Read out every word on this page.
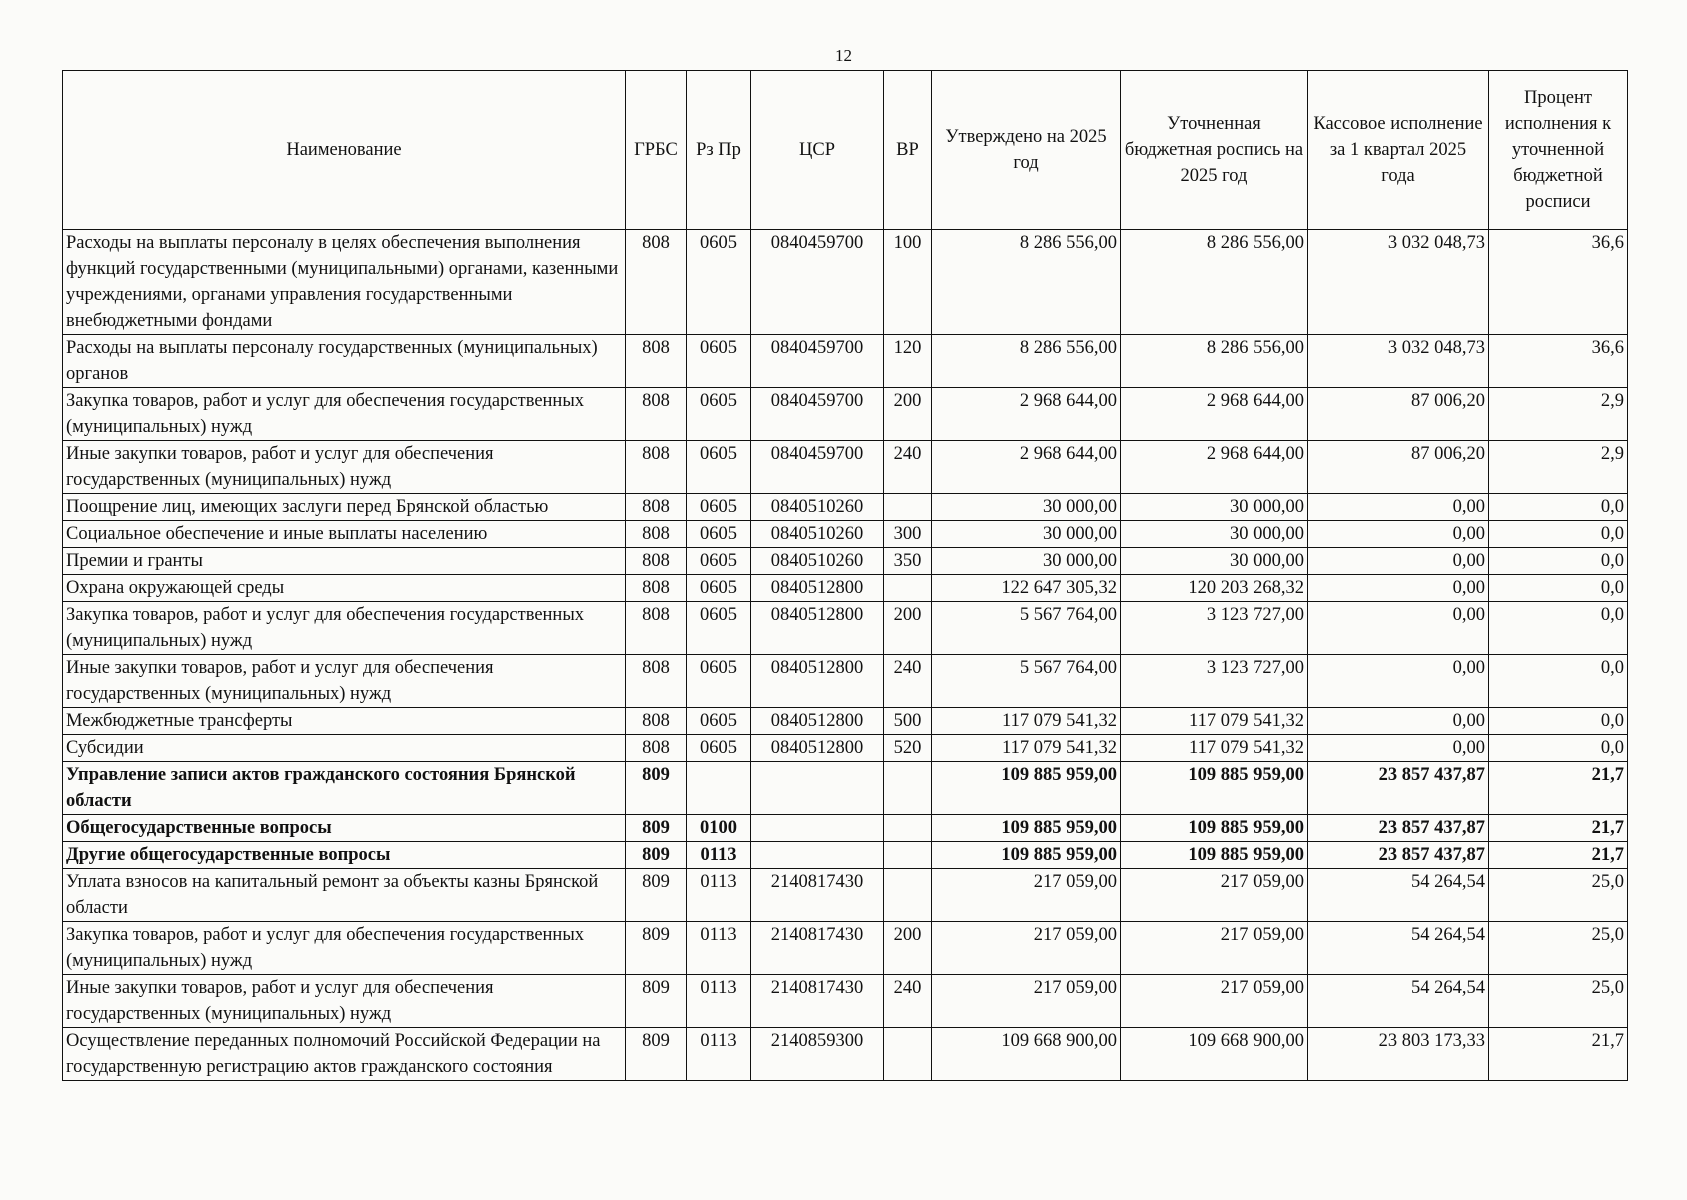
12
Наименование	ГРБС	Рз Пр	ЦСР	ВР	Утверждено на 2025 год	Уточненная бюджетная роспись на 2025 год	Кассовое исполнение за 1 квартал 2025 года	Процент исполнения к уточненной бюджетной росписи
Расходы на выплаты персоналу в целях обеспечения выполнения функций государственными (муниципальными) органами, казенными учреждениями, органами управления государственными внебюджетными фондами	808	0605	0840459700	100	8 286 556,00	8 286 556,00	3 032 048,73	36,6
Расходы на выплаты персоналу государственных (муниципальных) органов	808	0605	0840459700	120	8 286 556,00	8 286 556,00	3 032 048,73	36,6
Закупка товаров, работ и услуг для обеспечения государственных (муниципальных) нужд	808	0605	0840459700	200	2 968 644,00	2 968 644,00	87 006,20	2,9
Иные закупки товаров, работ и услуг для обеспечения государственных (муниципальных) нужд	808	0605	0840459700	240	2 968 644,00	2 968 644,00	87 006,20	2,9
Поощрение лиц, имеющих заслуги перед Брянской областью	808	0605	0840510260		30 000,00	30 000,00	0,00	0,0
Социальное обеспечение и иные выплаты населению	808	0605	0840510260	300	30 000,00	30 000,00	0,00	0,0
Премии и гранты	808	0605	0840510260	350	30 000,00	30 000,00	0,00	0,0
Охрана окружающей среды	808	0605	0840512800		122 647 305,32	120 203 268,32	0,00	0,0
Закупка товаров, работ и услуг для обеспечения государственных (муниципальных) нужд	808	0605	0840512800	200	5 567 764,00	3 123 727,00	0,00	0,0
Иные закупки товаров, работ и услуг для обеспечения государственных (муниципальных) нужд	808	0605	0840512800	240	5 567 764,00	3 123 727,00	0,00	0,0
Межбюджетные трансферты	808	0605	0840512800	500	117 079 541,32	117 079 541,32	0,00	0,0
Субсидии	808	0605	0840512800	520	117 079 541,32	117 079 541,32	0,00	0,0
Управление записи актов гражданского состояния Брянской области	809				109 885 959,00	109 885 959,00	23 857 437,87	21,7
Общегосударственные вопросы	809	0100			109 885 959,00	109 885 959,00	23 857 437,87	21,7
Другие общегосударственные вопросы	809	0113			109 885 959,00	109 885 959,00	23 857 437,87	21,7
Уплата взносов на капитальный ремонт за объекты казны Брянской области	809	0113	2140817430		217 059,00	217 059,00	54 264,54	25,0
Закупка товаров, работ и услуг для обеспечения государственных (муниципальных) нужд	809	0113	2140817430	200	217 059,00	217 059,00	54 264,54	25,0
Иные закупки товаров, работ и услуг для обеспечения государственных (муниципальных) нужд	809	0113	2140817430	240	217 059,00	217 059,00	54 264,54	25,0
Осуществление переданных полномочий Российской Федерации на государственную регистрацию актов гражданского состояния	809	0113	2140859300		109 668 900,00	109 668 900,00	23 803 173,33	21,7
